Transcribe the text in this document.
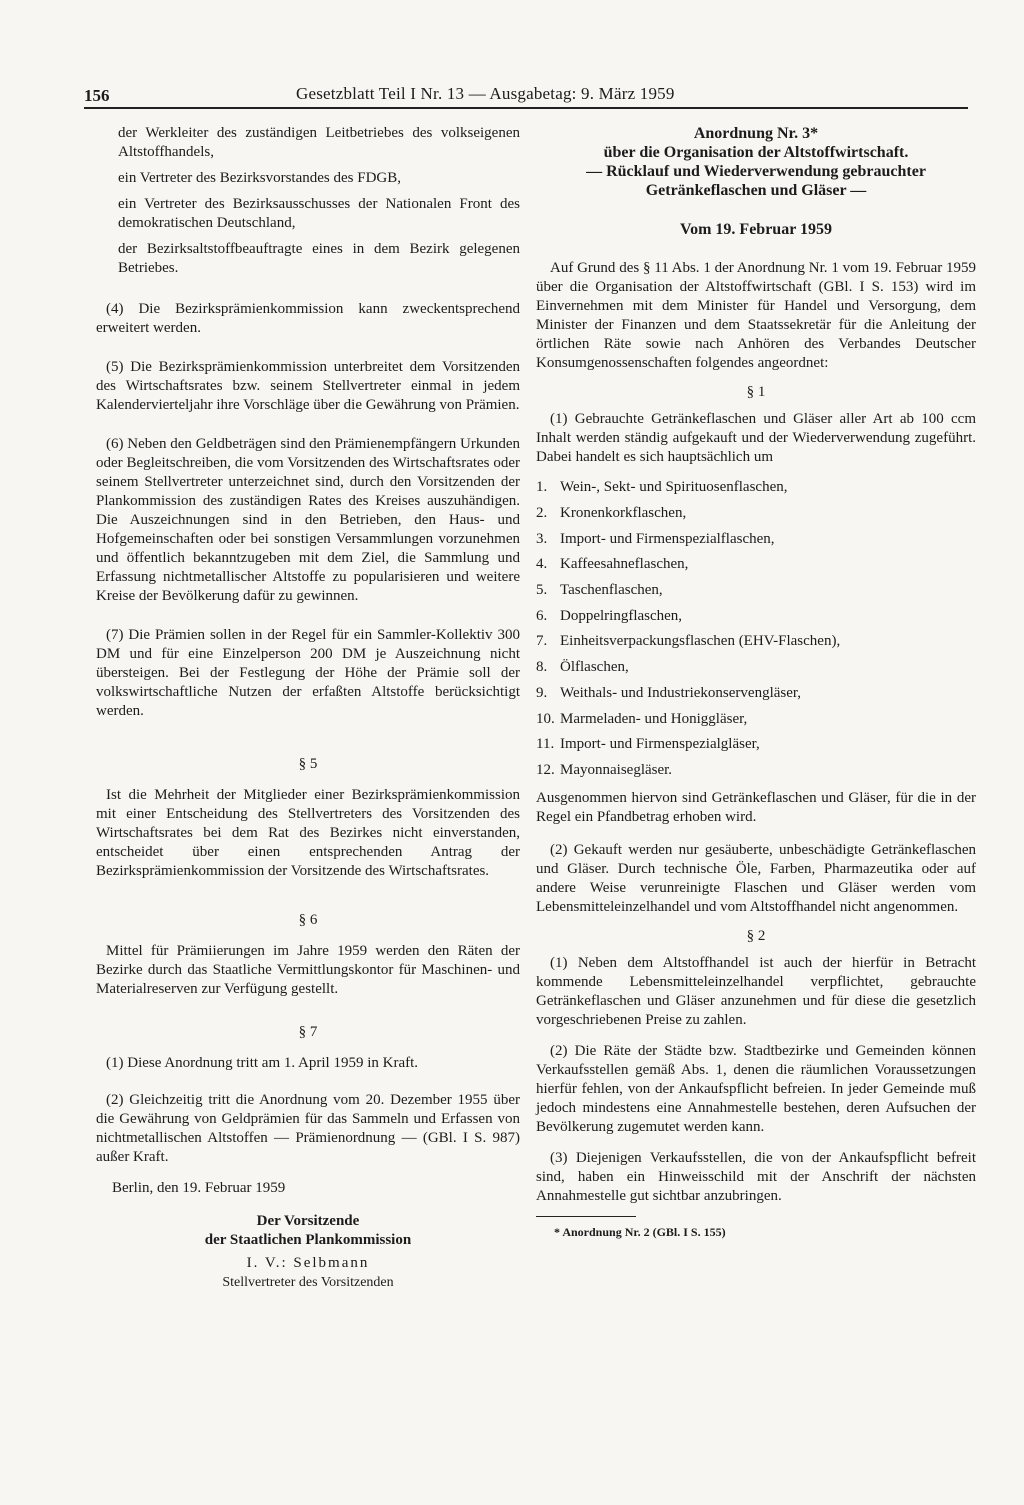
156	Gesetzblatt Teil I Nr. 13 — Ausgabetag: 9. März 1959

der Werkleiter des zuständigen Leitbetriebes des volkseigenen Altstoffhandels,

ein Vertreter des Bezirksvorstandes des FDGB,

ein Vertreter des Bezirksausschusses der Nationalen Front des demokratischen Deutschland,

der Bezirksaltstoffbeauftragte eines in dem Bezirk gelegenen Betriebes.

(4) Die Bezirksprämienkommission kann zweckentsprechend erweitert werden.

(5) Die Bezirksprämienkommission unterbreitet dem Vorsitzenden des Wirtschaftsrates bzw. seinem Stellvertreter einmal in jedem Kalendervierteljahr ihre Vorschläge über die Gewährung von Prämien.

(6) Neben den Geldbeträgen sind den Prämienempfängern Urkunden oder Begleitschreiben, die vom Vorsitzenden des Wirtschaftsrates oder seinem Stellvertreter unterzeichnet sind, durch den Vorsitzenden der Plankommission des zuständigen Rates des Kreises auszuhändigen. Die Auszeichnungen sind in den Betrieben, den Haus- und Hofgemeinschaften oder bei sonstigen Versammlungen vorzunehmen und öffentlich bekanntzugeben mit dem Ziel, die Sammlung und Erfassung nichtmetallischer Altstoffe zu popularisieren und weitere Kreise der Bevölkerung dafür zu gewinnen.

(7) Die Prämien sollen in der Regel für ein Sammler-Kollektiv 300 DM und für eine Einzelperson 200 DM je Auszeichnung nicht übersteigen. Bei der Festlegung der Höhe der Prämie soll der volkswirtschaftliche Nutzen der erfaßten Altstoffe berücksichtigt werden.

§ 5

Ist die Mehrheit der Mitglieder einer Bezirksprämienkommission mit einer Entscheidung des Stellvertreters des Vorsitzenden des Wirtschaftsrates bei dem Rat des Bezirkes nicht einverstanden, entscheidet über einen entsprechenden Antrag der Bezirksprämienkommission der Vorsitzende des Wirtschaftsrates.

§ 6

Mittel für Prämiierungen im Jahre 1959 werden den Räten der Bezirke durch das Staatliche Vermittlungskontor für Maschinen- und Materialreserven zur Verfügung gestellt.

§ 7

(1) Diese Anordnung tritt am 1. April 1959 in Kraft.

(2) Gleichzeitig tritt die Anordnung vom 20. Dezember 1955 über die Gewährung von Geldprämien für das Sammeln und Erfassen von nichtmetallischen Altstoffen — Prämienordnung — (GBl. I S. 987) außer Kraft.

Berlin, den 19. Februar 1959

Der Vorsitzende
der Staatlichen Plankommission
I. V.: Selbmann
Stellvertreter des Vorsitzenden
Anordnung Nr. 3*
über die Organisation der Altstoffwirtschaft.
— Rücklauf und Wiederverwendung gebrauchter
Getränkeflaschen und Gläser —
Vom 19. Februar 1959

Auf Grund des § 11 Abs. 1 der Anordnung Nr. 1 vom 19. Februar 1959 über die Organisation der Altstoffwirtschaft (GBl. I S. 153) wird im Einvernehmen mit dem Minister für Handel und Versorgung, dem Minister der Finanzen und dem Staatssekretär für die Anleitung der örtlichen Räte sowie nach Anhören des Verbandes Deutscher Konsumgenossenschaften folgendes angeordnet:

§ 1

(1) Gebrauchte Getränkeflaschen und Gläser aller Art ab 100 ccm Inhalt werden ständig aufgekauft und der Wiederverwendung zugeführt. Dabei handelt es sich hauptsächlich um

1. Wein-, Sekt- und Spirituosenflaschen,
2. Kronenkorkflaschen,
3. Import- und Firmenspezialflaschen,
4. Kaffeesahneflaschen,
5. Taschenflaschen,
6. Doppelringflaschen,
7. Einheitsverpackungsflaschen (EHV-Flaschen),
8. Ölflaschen,
9. Weithals- und Industriekonservengläser,
10. Marmeladen- und Honiggläser,
11. Import- und Firmenspezialgläser,
12. Mayonnaisegläser.

Ausgenommen hiervon sind Getränkeflaschen und Gläser, für die in der Regel ein Pfandbetrag erhoben wird.

(2) Gekauft werden nur gesäuberte, unbeschädigte Getränkeflaschen und Gläser. Durch technische Öle, Farben, Pharmazeutika oder auf andere Weise verunreinigte Flaschen und Gläser werden vom Lebensmitteleinzelhandel und vom Altstoffhandel nicht angenommen.

§ 2

(1) Neben dem Altstoffhandel ist auch der hierfür in Betracht kommende Lebensmitteleinzelhandel verpflichtet, gebrauchte Getränkeflaschen und Gläser anzunehmen und für diese die gesetzlich vorgeschriebenen Preise zu zahlen.

(2) Die Räte der Städte bzw. Stadtbezirke und Gemeinden können Verkaufsstellen gemäß Abs. 1, denen die räumlichen Voraussetzungen hierfür fehlen, von der Ankaufspflicht befreien. In jeder Gemeinde muß jedoch mindestens eine Annahmestelle bestehen, deren Aufsuchen der Bevölkerung zugemutet werden kann.

(3) Diejenigen Verkaufsstellen, die von der Ankaufspflicht befreit sind, haben ein Hinweisschild mit der Anschrift der nächsten Annahmestelle gut sichtbar anzubringen.

* Anordnung Nr. 2 (GBl. I S. 155)
